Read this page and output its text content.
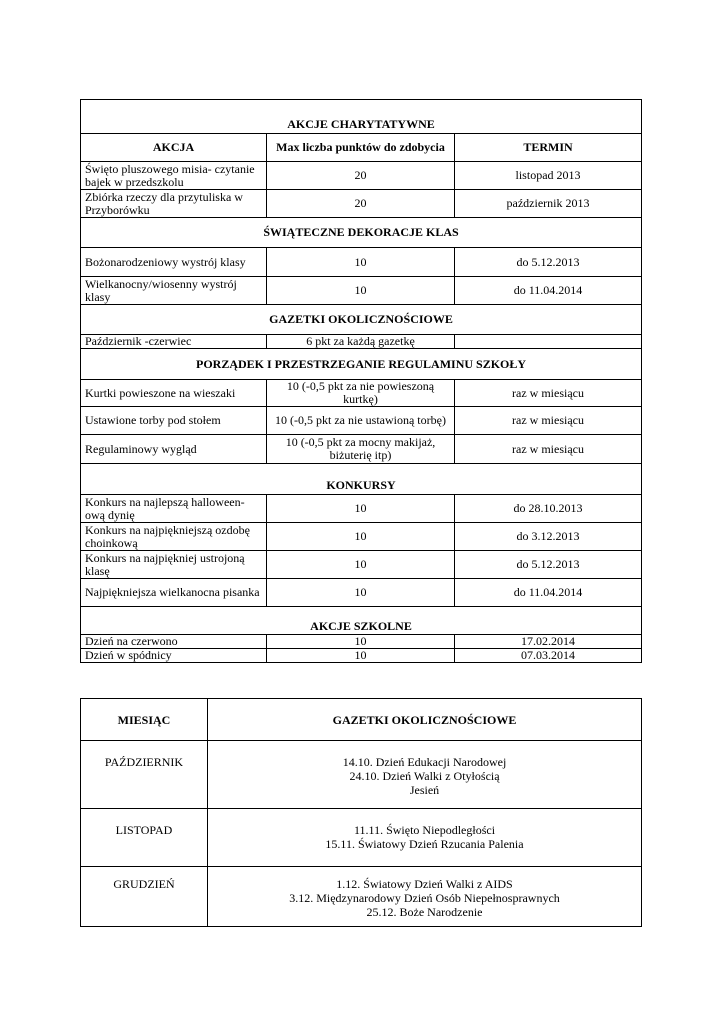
AKCJE CHARYTATYWNE		
AKCJA	Max liczba punktów do zdobycia	TERMIN
Święto pluszowego misia- czytanie bajek w przedszkolu	20	listopad 2013
Zbiórka rzeczy dla przytuliska w Przyborówku	20	październik 2013
ŚWIĄTECZNE DEKORACJE KLAS		
Bożonarodzeniowy wystrój klasy	10	do 5.12.2013
Wielkanocny/wiosenny wystrój klasy	10	do 11.04.2014
GAZETKI OKOLICZNOŚCIOWE		
Październik -czerwiec	6 pkt za każdą gazetkę	
PORZĄDEK I PRZESTRZEGANIE REGULAMINU SZKOŁY		
Kurtki powieszone na wieszaki	10 (-0,5 pkt za nie powieszoną kurtkę)	raz w miesiącu
Ustawione torby pod stołem	10 (-0,5 pkt za nie ustawioną torbę)	raz w miesiącu
Regulaminowy wygląd	10 (-0,5 pkt za mocny makijaż, biżuterię itp)	raz w miesiącu
KONKURSY		
Konkurs na najlepszą halloween-ową dynię	10	do 28.10.2013
Konkurs na najpiękniejszą ozdobę choinkową	10	do 3.12.2013
Konkurs na najpiękniej ustrojoną klasę	10	do 5.12.2013
Najpiękniejsza wielkanocna pisanka	10	do 11.04.2014
AKCJE SZKOLNE		
Dzień na czerwono	10	17.02.2014
Dzień w spódnicy	10	07.03.2014
MIESIĄC	GAZETKI OKOLICZNOŚCIOWE
PAŹDZIERNIK	14.10. Dzień Edukacji Narodowej
24.10. Dzień Walki z Otyłością
Jesień

LISTOPAD	11.11. Święto Niepodległości
15.11. Światowy Dzień Rzucania Palenia

GRUDZIEŃ	1.12. Światowy Dzień Walki z AIDS
3.12. Międzynarodowy Dzień Osób Niepełnosprawnych
25.12. Boże Narodzenie
